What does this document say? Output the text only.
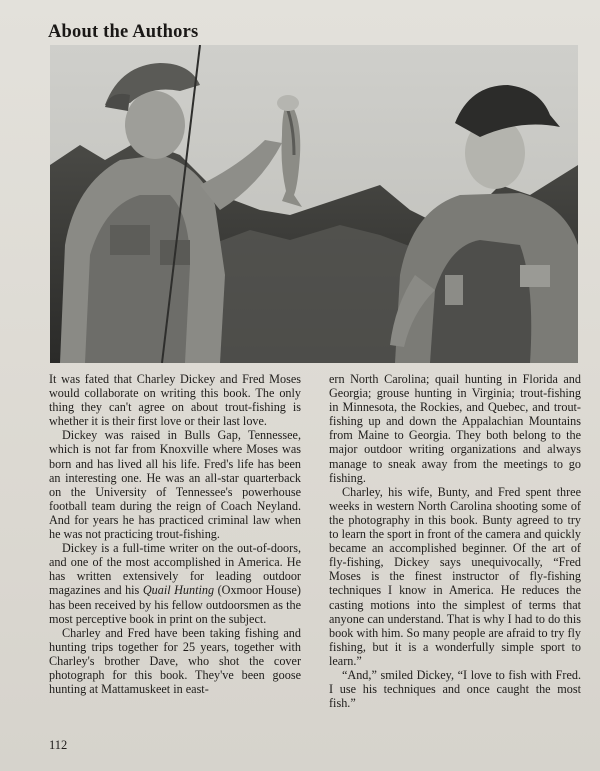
About the Authors

It was fated that Charley Dickey and Fred Moses would collaborate on writing this book. The only thing they can't agree on about trout-fishing is whether it is their first love or their last love.

Dickey was raised in Bulls Gap, Tennessee, which is not far from Knoxville where Moses was born and has lived all his life. Fred's life has been an interesting one. He was an all-star quarterback on the University of Tennessee's powerhouse football team during the reign of Coach Neyland. And for years he has practiced criminal law when he was not practicing trout-fishing.

Dickey is a full-time writer on the out-of-doors, and one of the most accomplished in America. He has written extensively for leading outdoor magazines and his Quail Hunting (Oxmoor House) has been received by his fellow outdoorsmen as the most perceptive book in print on the subject.

Charley and Fred have been taking fishing and hunting trips together for 25 years, together with Charley's brother Dave, who shot the cover photograph for this book. They've been goose hunting at Mattamuskeet in east-

ern North Carolina; quail hunting in Florida and Georgia; grouse hunting in Virginia; trout-fishing in Minnesota, the Rockies, and Quebec, and trout-fishing up and down the Appalachian Mountains from Maine to Georgia. They both belong to the major outdoor writing organizations and always manage to sneak away from the meetings to go fishing.

Charley, his wife, Bunty, and Fred spent three weeks in western North Carolina shooting some of the photography in this book. Bunty agreed to try to learn the sport in front of the camera and quickly became an accomplished beginner. Of the art of fly-fishing, Dickey says unequivocally, “Fred Moses is the finest instructor of fly-fishing techniques I know in America. He reduces the casting motions into the simplest of terms that anyone can understand. That is why I had to do this book with him. So many people are afraid to try fly fishing, but it is a wonderfully simple sport to learn.”

“And,” smiled Dickey, “I love to fish with Fred. I use his techniques and once caught the most fish.”

112
